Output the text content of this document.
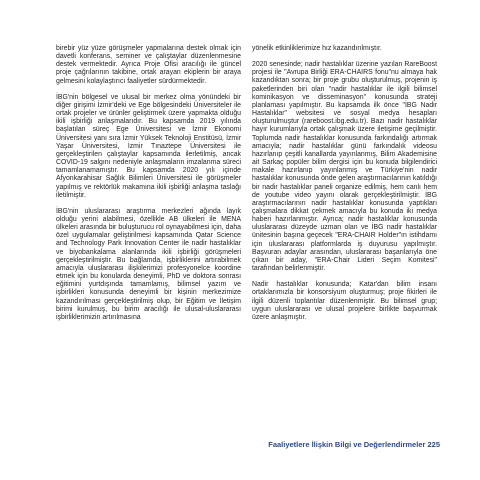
birebir yüz yüze görüşmeler yapmalarına destek olmak için davetli konferans, seminer ve çalıştaylar düzenlenmesine destek vermektedir. Ayrıca Proje Ofisi aracılığı ile güncel proje çağrılarının takibine, ortak arayan ekiplerin bir araya gelmesini kolaylaştırıcı faaliyetler sürdürmektedir.

İBG'nin bölgesel ve ulusal bir merkez olma yönündeki bir diğer girişimi İzmir'deki ve Ege bölgesindeki Üniversiteler ile ortak projeler ve ürünler geliştirmek üzere yapmakta olduğu ikili işbirliği anlaşmalarıdır. Bu kapsamda 2019 yılında başlatılan süreç Ege Üniversitesi ve İzmir Ekonomi Üniversitesi yanı sıra İzmir Yüksek Teknoloji Enstitüsü, İzmir Yaşar Üniversitesi, İzmir Tınaztepe Üniversitesi ile gerçekleştirilen çalıştaylar kapsamında ilerletilmiş, ancak COVID-19 salgını nedeniyle anlaşmaların imzalanma süreci tamamlanamamıştır. Bu kapsamda 2020 yılı içinde Afyonkarahisar Sağlık Bilimleri Üniversitesi ile görüşmeler yapılmış ve rektörlük makamına ikili işbirliği anlaşma taslağı iletilmiştir.

İBG'nin uluslararası araştırma merkezleri ağında layık olduğu yerini alabilmesi, özellikle AB ülkeleri ile MENA ülkeleri arasında bir buluşturucu rol oynayabilmesi için, daha özel uygulamalar geliştirilmesi kapsamında Qatar Science and Technology Park Innovation Center ile nadir hastalıklar ve biyobankalama alanlarında ikili işbirliği görüşmeleri gerçekleştirilmiştir. Bu bağlamda, işbirliklerini artırabilmek amacıyla uluslararası ilişkilerimizi profesyonelce koordine etmek için bu konularda deneyimli, PhD ve doktora sonrası eğitimini yurtdışında tamamlamış, bilimsel yazım ve işbirlikleri konusunda deneyimli bir kişinin merkezimize kazandırılması gerçekleştirilmiş olup, bir Eğitim ve İletişim birimi kurulmuş, bu birim aracılığı ile ulusal-uluslararası işbirliklerimizin artırılmasına

yönelik etkinliklerimize hız kazandırılmıştır.

2020 senesinde; nadir hastalıklar üzerine yazılan RareBoost projesi ile "Avrupa Birliği ERA-CHAIRS fonu"nu almaya hak kazandıktan sonra; bir proje grubu oluşturulmuş, projenin iş paketlerinden biri olan "nadir hastalıklar ile ilgili bilimsel kominikasyon ve disseminasyon" konusunda strateji planlaması yapılmıştır. Bu kapsamda ilk önce "İBG Nadir Hastalıklar" websitesi ve sosyal medya hesapları oluşturulmuştur (rareboost.ibg.edu.tr). Bazı nadir hastalıklar hayır kurumlarıyla ortak çalışmak üzere iletişime geçilmiştir. Toplumda nadir hastalıklar konusunda farkındalığı artırmak amacıyla; nadir hastalıklar günü farkındalık videosu hazırlanıp çeşitli kanallarda yayınlanmış, Bilim Akademisine ait Sarkaç popüler bilim dergisi için bu konuda bilgilendirici makale hazırlanıp yayınlanmış ve Türkiye'nin nadir hastalıklar konusunda önde gelen araştırmacılarının katıldığı bir nadir hastalıklar paneli organize edilmiş, hem canlı hem de youtube video yayını olarak gerçekleştirilmiştir. İBG araştırmacılarının nadir hastalıklar konusunda yaptıkları çalışmalara dikkat çekmek amacıyla bu konuda iki medya haberi hazırlanmıştır. Ayrıca; nadir hastalıklar konusunda uluslararası düzeyde uzman olan ve İBG nadir hastalıklar ünitesinin başına geçecek "ERA-CHAIR Holder"ın istihdamı için uluslararası platformlarda iş duyurusu yapılmıştır. Başvuran adaylar arasından, uluslararası başarılarıyla öne çıkan bir aday, "ERA-Chair Lideri Seçim Komitesi" tarafından belirlenmiştir.

Nadir hastalıklar konusunda; Katar'dan bilim insanı ortaklarımızla bir konsorsiyum oluşturmuş; proje fikirleri ile ilgili düzenli toplantılar düzenlenmiştir. Bu bilimsel grup; uygun uluslararası ve ulusal projelere birlikte başvurmak üzere anlaşmıştır.

Faaliyetlere İlişkin Bilgi ve Değerlendirmeler 225
